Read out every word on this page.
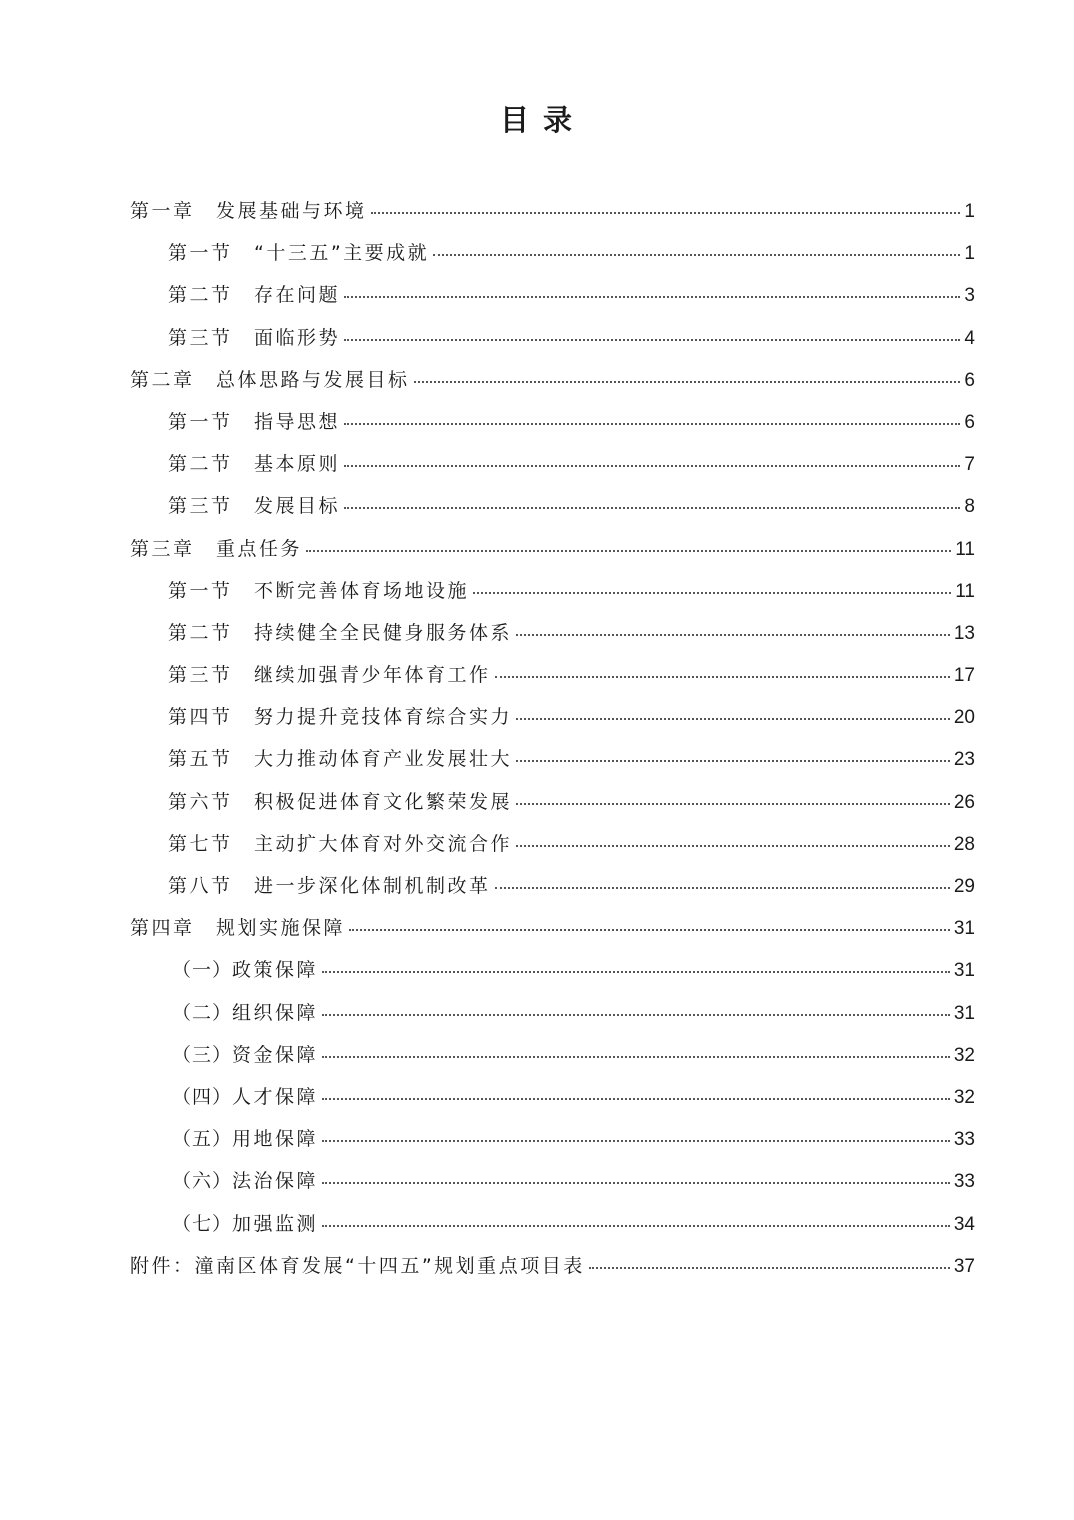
目 录
第一章	发展基础与环境	1
第一节	“十三五”主要成就	1
第二节	存在问题	3
第三节	面临形势	4
第二章	总体思路与发展目标	6
第一节	指导思想	6
第二节	基本原则	7
第三节	发展目标	8
第三章	重点任务	11
第一节	不断完善体育场地设施	11
第二节	持续健全全民健身服务体系	13
第三节	继续加强青少年体育工作	17
第四节	努力提升竞技体育综合实力	20
第五节	大力推动体育产业发展壮大	23
第六节	积极促进体育文化繁荣发展	26
第七节	主动扩大体育对外交流合作	28
第八节	进一步深化体制机制改革	29
第四章	规划实施保障	31
（一） 政策保障	31
（二） 组织保障	31
（三） 资金保障	32
（四） 人才保障	32
（五） 用地保障	33
（六） 法治保障	33
（七） 加强监测	34
附件：潼南区体育发展“十四五”规划重点项目表	37
